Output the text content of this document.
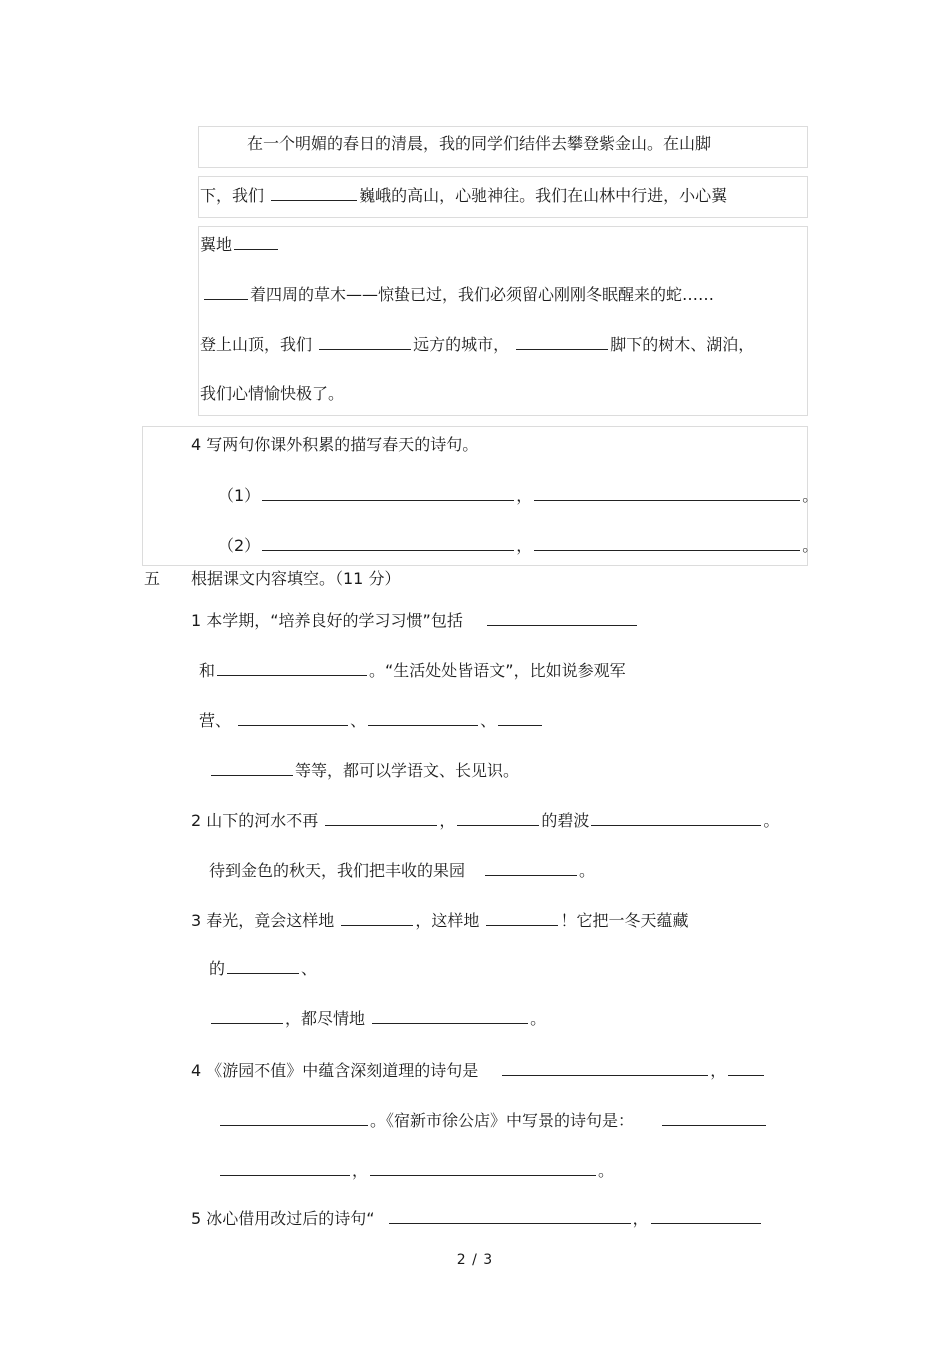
在一个明媚的春日的清晨，我的同学们结伴去攀登紫金山。在山脚
下，我们	巍峨的高山，心驰神往。我们在山林中行进，小心翼
翼地
着四周的草木——惊蛰已过，我们必须留心刚刚冬眠醒来的蛇……
登上山顶，我们	远方的城市，	脚下的树木、湖泊，
我们心情愉快极了。
4 写两句你课外积累的描写春天的诗句。
（1）	，	。
（2）	，	。
五 根据课文内容填空。（11 分）
1 本学期，“培养良好的学习习惯”包括
和	。“生活处处皆语文”，比如说参观军
营、	、	、
等等，都可以学语文、长见识。
2 山下的河水不再	，	的碧波	。
待到金色的秋天，我们把丰收的果园	。
3 春光，竟会这样地	，这样地	！它把一冬天蕴藏
的	、
，都尽情地	。
4 《游园不值》中蕴含深刻道理的诗句是	，
。《宿新市徐公店》中写景的诗句是：
，	。
5 冰心借用改过后的诗句“	，
2 / 3
